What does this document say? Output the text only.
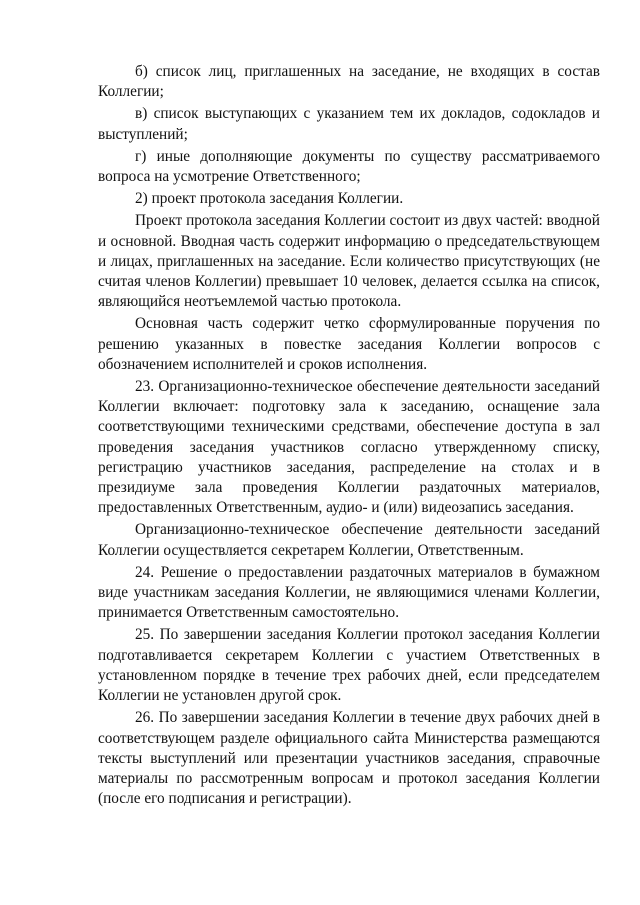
б) список лиц, приглашенных на заседание, не входящих в состав Коллегии;

в) список выступающих с указанием тем их докладов, содокладов и выступлений;

г) иные дополняющие документы по существу рассматриваемого вопроса на усмотрение Ответственного;

2) проект протокола заседания Коллегии.

Проект протокола заседания Коллегии состоит из двух частей: вводной и основной. Вводная часть содержит информацию о председательствующем и лицах, приглашенных на заседание. Если количество присутствующих (не считая членов Коллегии) превышает 10 человек, делается ссылка на список, являющийся неотъемлемой частью протокола.

Основная часть содержит четко сформулированные поручения по решению указанных в повестке заседания Коллегии вопросов с обозначением исполнителей и сроков исполнения.

23. Организационно-техническое обеспечение деятельности заседаний Коллегии включает: подготовку зала к заседанию, оснащение зала соответствующими техническими средствами, обеспечение доступа в зал проведения заседания участников согласно утвержденному списку, регистрацию участников заседания, распределение на столах и в президиуме зала проведения Коллегии раздаточных материалов, предоставленных Ответственным, аудио- и (или) видеозапись заседания.

Организационно-техническое обеспечение деятельности заседаний Коллегии осуществляется секретарем Коллегии, Ответственным.

24. Решение о предоставлении раздаточных материалов в бумажном виде участникам заседания Коллегии, не являющимися членами Коллегии, принимается Ответственным самостоятельно.

25. По завершении заседания Коллегии протокол заседания Коллегии подготавливается секретарем Коллегии с участием Ответственных в установленном порядке в течение трех рабочих дней, если председателем Коллегии не установлен другой срок.

26. По завершении заседания Коллегии в течение двух рабочих дней в соответствующем разделе официального сайта Министерства размещаются тексты выступлений или презентации участников заседания, справочные материалы по рассмотренным вопросам и протокол заседания Коллегии (после его подписания и регистрации).
